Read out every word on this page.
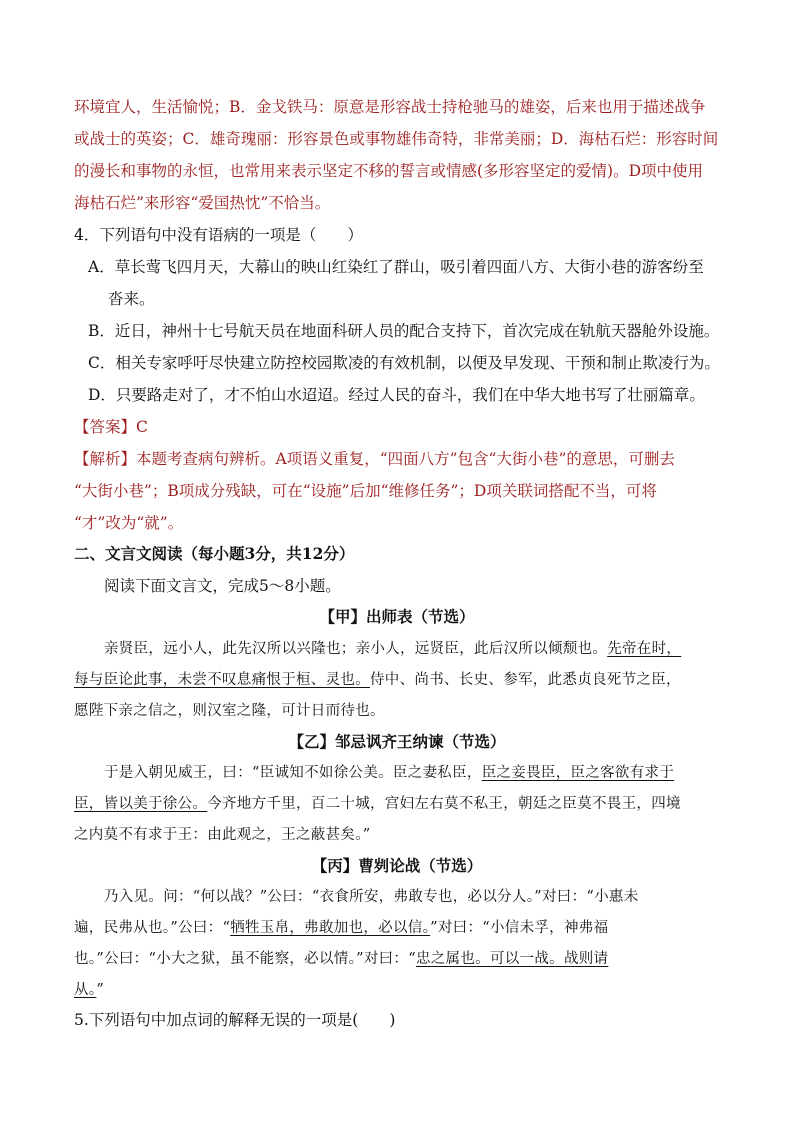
环境宜人，生活愉悦；B．金戈铁马：原意是形容战士持枪驰马的雄姿，后来也用于描述战争
或战士的英姿；C．雄奇瑰丽：形容景色或事物雄伟奇特，非常美丽；D．海枯石烂：形容时间
的漫长和事物的永恒，也常用来表示坚定不移的誓言或情感(多形容坚定的爱情)。D项中使用
海枯石烂”来形容“爱国热忱”不恰当。
4．下列语句中没有语病的一项是（　　）
A．草长莺飞四月天，大幕山的映山红染红了群山，吸引着四面八方、大街小巷的游客纷至
沓来。
B．近日，神州十七号航天员在地面科研人员的配合支持下，首次完成在轨航天器舱外设施。
C．相关专家呼吁尽快建立防控校园欺凌的有效机制，以便及早发现、干预和制止欺凌行为。
D．只要路走对了，才不怕山水迢迢。经过人民的奋斗，我们在中华大地书写了壮丽篇章。
【答案】C
【解析】本题考查病句辨析。A项语义重复，“四面八方”包含“大街小巷”的意思，可删去
“大街小巷”；B项成分残缺，可在“设施”后加“维修任务”；D项关联词搭配不当，可将
“才”改为“就”。
二、文言文阅读（每小题3分，共12分）
阅读下面文言文，完成5～8小题。
【甲】出师表（节选）
亲贤臣，远小人，此先汉所以兴隆也；亲小人，远贤臣，此后汉所以倾颓也。先帝在时，
每与臣论此事，未尝不叹息痛恨于桓、灵也。侍中、尚书、长史、参军，此悉贞良死节之臣，
愿陛下亲之信之，则汉室之隆，可计日而待也。
【乙】邹忌讽齐王纳谏（节选）
于是入朝见威王，曰：“臣诚知不如徐公美。臣之妻私臣，臣之妾畏臣，臣之客欲有求于
臣，皆以美于徐公。今齐地方千里，百二十城，宫妇左右莫不私王，朝廷之臣莫不畏王，四境
之内莫不有求于王：由此观之，王之蔽甚矣。”
【丙】曹刿论战（节选）
乃入见。问：“何以战？”公曰：“衣食所安，弗敢专也，必以分人。”对曰：“小惠未
遍，民弗从也。”公曰：“牺牲玉帛，弗敢加也，必以信。”对曰：“小信未孚，神弗福
也。”公曰：“小大之狱，虽不能察，必以情。”对曰：“忠之属也。可以一战。战则请
从。”
5.下列语句中加点词的解释无误的一项是(　　)
